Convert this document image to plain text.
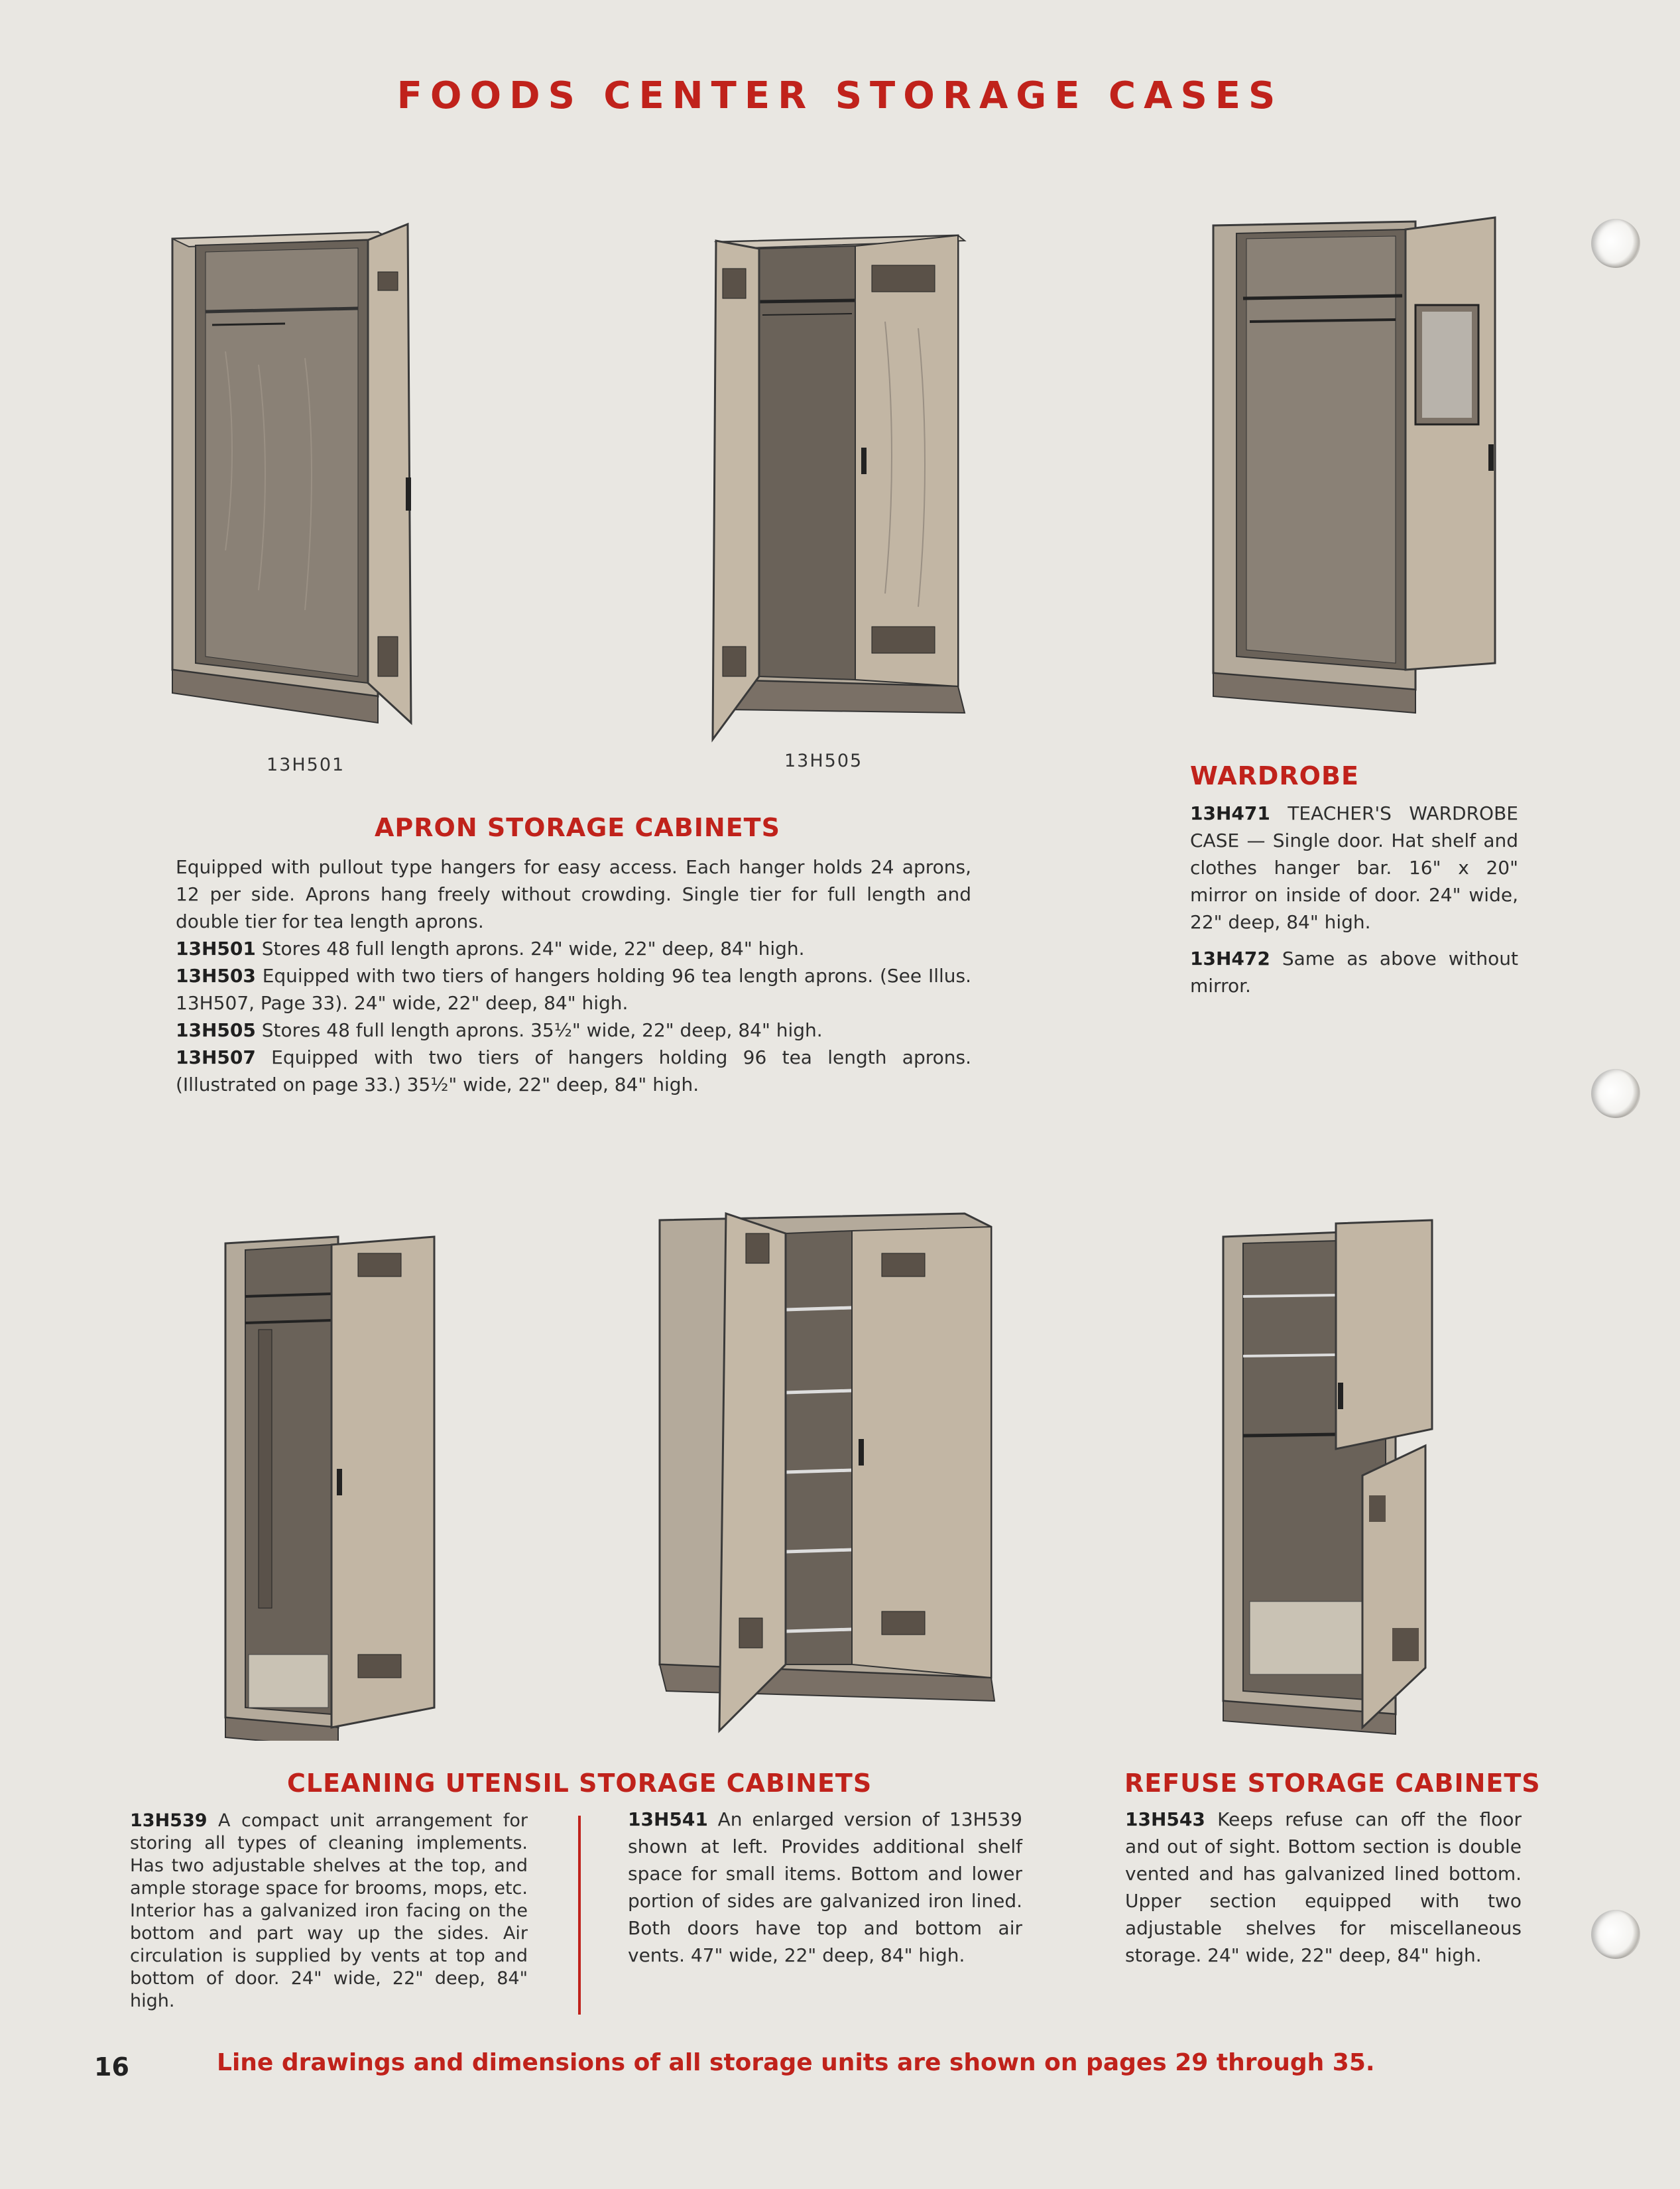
FOODS CENTER STORAGE CASES
13H501	13H505
APRON STORAGE CABINETS

Equipped with pullout type hangers for easy access. Each hanger holds 24 aprons, 12 per side. Aprons hang freely without crowding. Single tier for full length and double tier for tea length aprons.

13H501 Stores 48 full length aprons. 24" wide, 22" deep, 84" high.

13H503 Equipped with two tiers of hangers holding 96 tea length aprons. (See Illus. 13H507, Page 33). 24" wide, 22" deep, 84" high.

13H505 Stores 48 full length aprons. 35½" wide, 22" deep, 84" high.

13H507 Equipped with two tiers of hangers holding 96 tea length aprons. (Illustrated on page 33.) 35½" wide, 22" deep, 84" high.

WARDROBE

13H471 TEACHER'S WARDROBE CASE — Single door. Hat shelf and clothes hanger bar. 16" x 20" mirror on inside of door. 24" wide, 22" deep, 84" high.

13H472 Same as above without mirror.

CLEANING UTENSIL STORAGE CABINETS

13H539 A compact unit arrangement for storing all types of cleaning implements. Has two adjustable shelves at the top, and ample storage space for brooms, mops, etc. Interior has a galvanized iron facing on the bottom and part way up the sides. Air circulation is supplied by vents at top and bottom of door. 24" wide, 22" deep, 84" high.

13H541 An enlarged version of 13H539 shown at left. Provides additional shelf space for small items. Bottom and lower portion of sides are galvanized iron lined. Both doors have top and bottom air vents. 47" wide, 22" deep, 84" high.

REFUSE STORAGE CABINETS

13H543 Keeps refuse can off the floor and out of sight. Bottom section is double vented and has galvanized lined bottom. Upper section equipped with two adjustable shelves for miscellaneous storage. 24" wide, 22" deep, 84" high.

16	Line drawings and dimensions of all storage units are shown on pages 29 through 35.
